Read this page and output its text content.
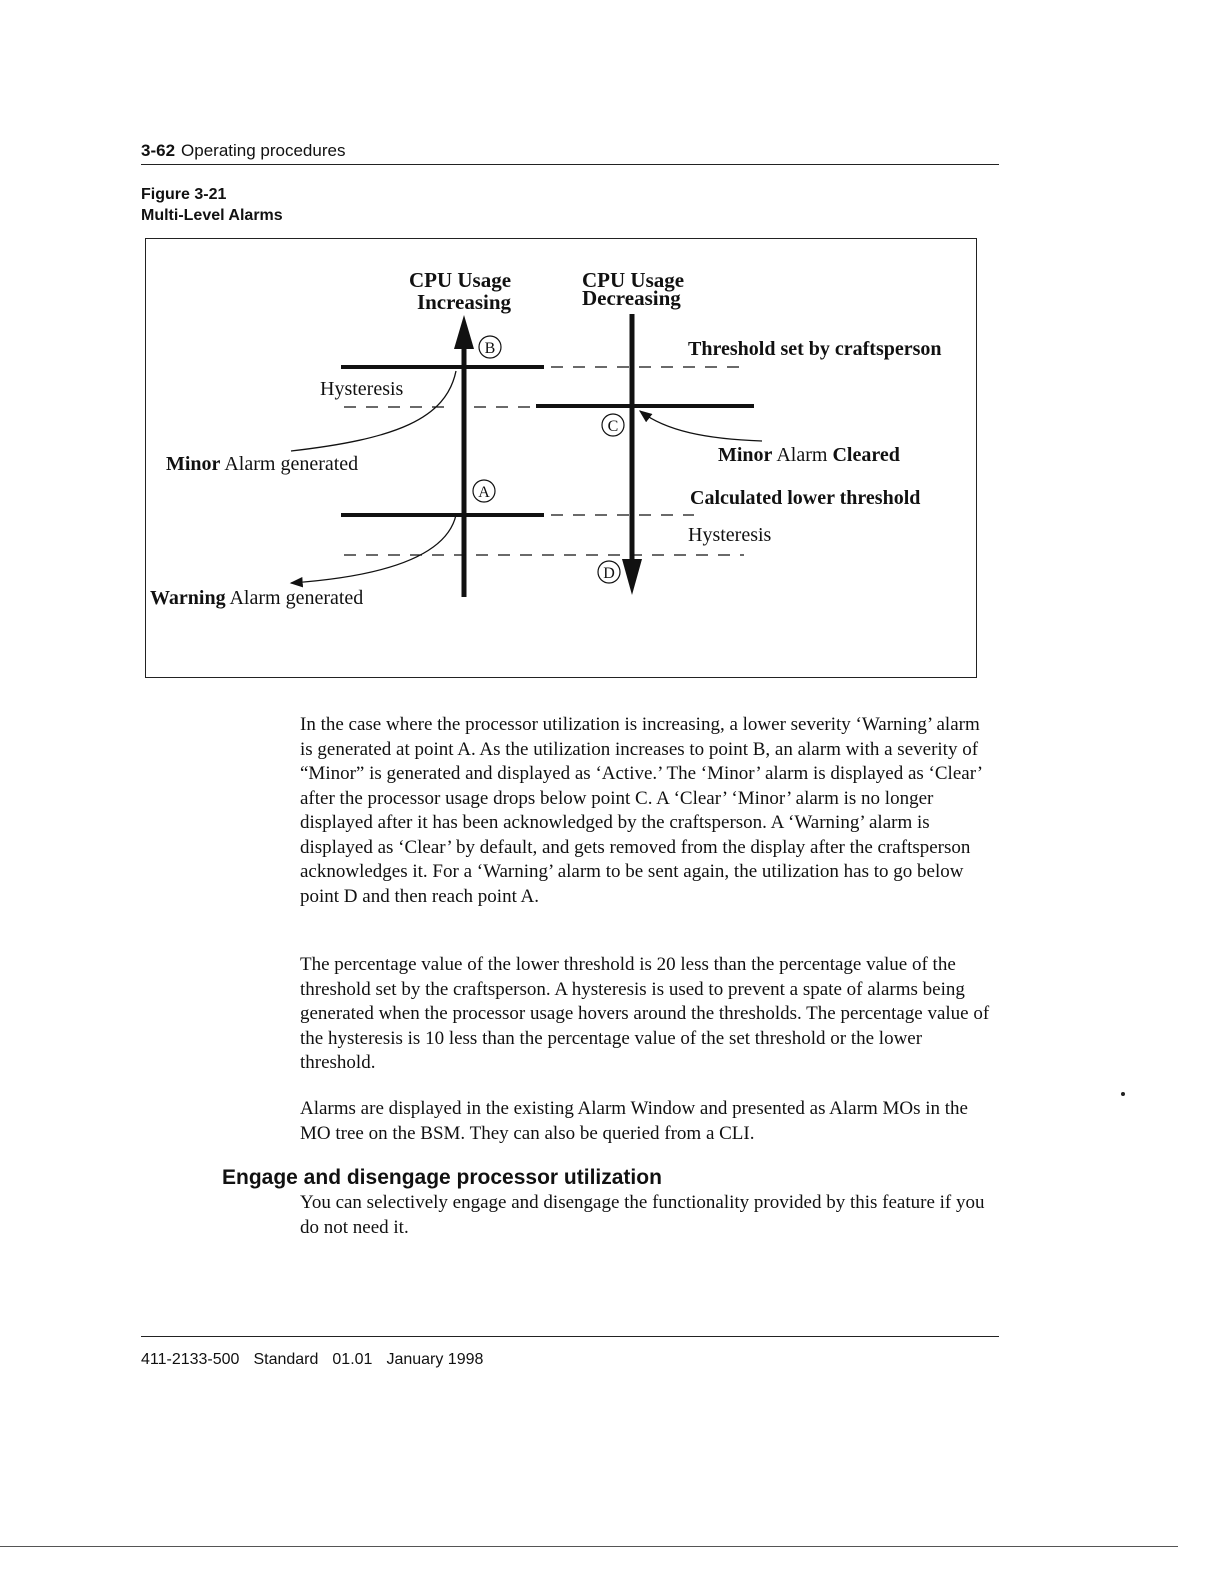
3-62 Operating procedures
Figure 3-21
Multi-Level Alarms
B
A
C
D
CPU Usage
Increasing
CPU Usage
Decreasing
Threshold set by craftsperson
Minor Alarm Cleared
Calculated lower threshold
Hysteresis
Hysteresis
Minor Alarm generated
Warning Alarm generated

In the case where the processor utilization is increasing, a lower severity ‘Warning’ alarm is generated at point A. As the utilization increases to point B, an alarm with a severity of “Minor” is generated and displayed as ‘Active.’ The ‘Minor’ alarm is displayed as ‘Clear’ after the processor usage drops below point C. A ‘Clear’ ‘Minor’ alarm is no longer displayed after it has been acknowledged by the craftsperson. A ‘Warning’ alarm is displayed as ‘Clear’ by default, and gets removed from the display after the craftsperson acknowledges it. For a ‘Warning’ alarm to be sent again, the utilization has to go below point D and then reach point A.

The percentage value of the lower threshold is 20 less than the percentage value of the threshold set by the craftsperson. A hysteresis is used to prevent a spate of alarms being generated when the processor usage hovers around the thresholds. The percentage value of the hysteresis is 10 less than the percentage value of the set threshold or the lower threshold.

Alarms are displayed in the existing Alarm Window and presented as Alarm MOs in the MO tree on the BSM. They can also be queried from a CLI.

Engage and disengage processor utilization

You can selectively engage and disengage the functionality provided by this feature if you do not need it.

411-2133-500 Standard 01.01 January 1998
